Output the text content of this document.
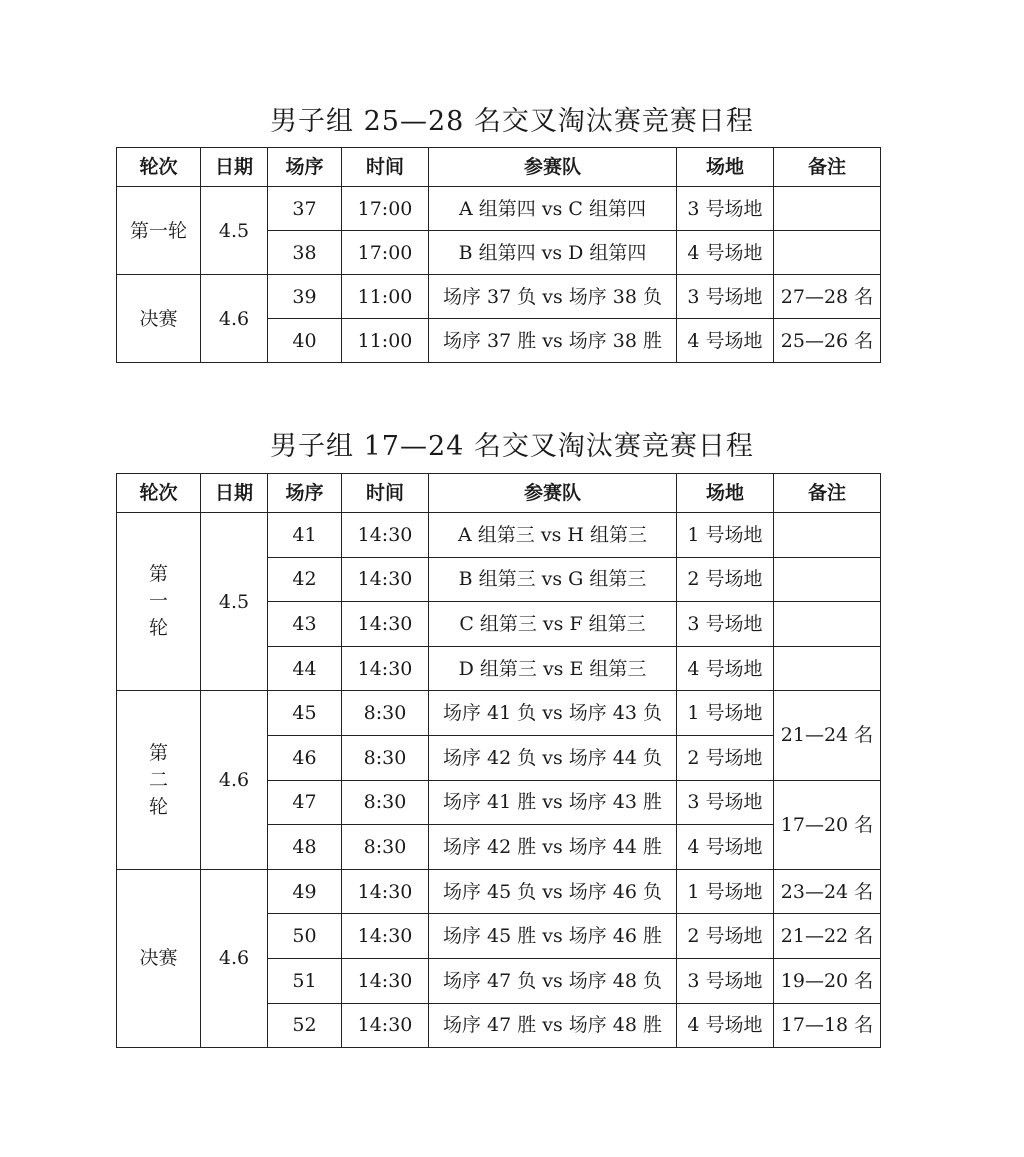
男子组 25—28 名交叉淘汰赛竞赛日程
轮次	日期	场序	时间	参赛队	场地	备注
第一轮	4.5	37	17:00	A 组第四 vs C 组第四	3 号场地	
		38	17:00	B 组第四 vs D 组第四	4 号场地	
决赛	4.6	39	11:00	场序 37 负 vs 场序 38 负	3 号场地	27—28 名
		40	11:00	场序 37 胜 vs 场序 38 胜	4 号场地	25—26 名
男子组 17—24 名交叉淘汰赛竞赛日程
轮次	日期	场序	时间	参赛队	场地	备注
第一轮	4.5	41	14:30	A 组第三 vs H 组第三	1 号场地	
		42	14:30	B 组第三 vs G 组第三	2 号场地	
		43	14:30	C 组第三 vs F 组第三	3 号场地	
		44	14:30	D 组第三 vs E 组第三	4 号场地	
第二轮	4.6	45	8:30	场序 41 负 vs 场序 43 负	1 号场地	21—24 名
		46	8:30	场序 42 负 vs 场序 44 负	2 号场地	
		47	8:30	场序 41 胜 vs 场序 43 胜	3 号场地	17—20 名
		48	8:30	场序 42 胜 vs 场序 44 胜	4 号场地	
决赛	4.6	49	14:30	场序 45 负 vs 场序 46 负	1 号场地	23—24 名
		50	14:30	场序 45 胜 vs 场序 46 胜	2 号场地	21—22 名
		51	14:30	场序 47 负 vs 场序 48 负	3 号场地	19—20 名
		52	14:30	场序 47 胜 vs 场序 48 胜	4 号场地	17—18 名
